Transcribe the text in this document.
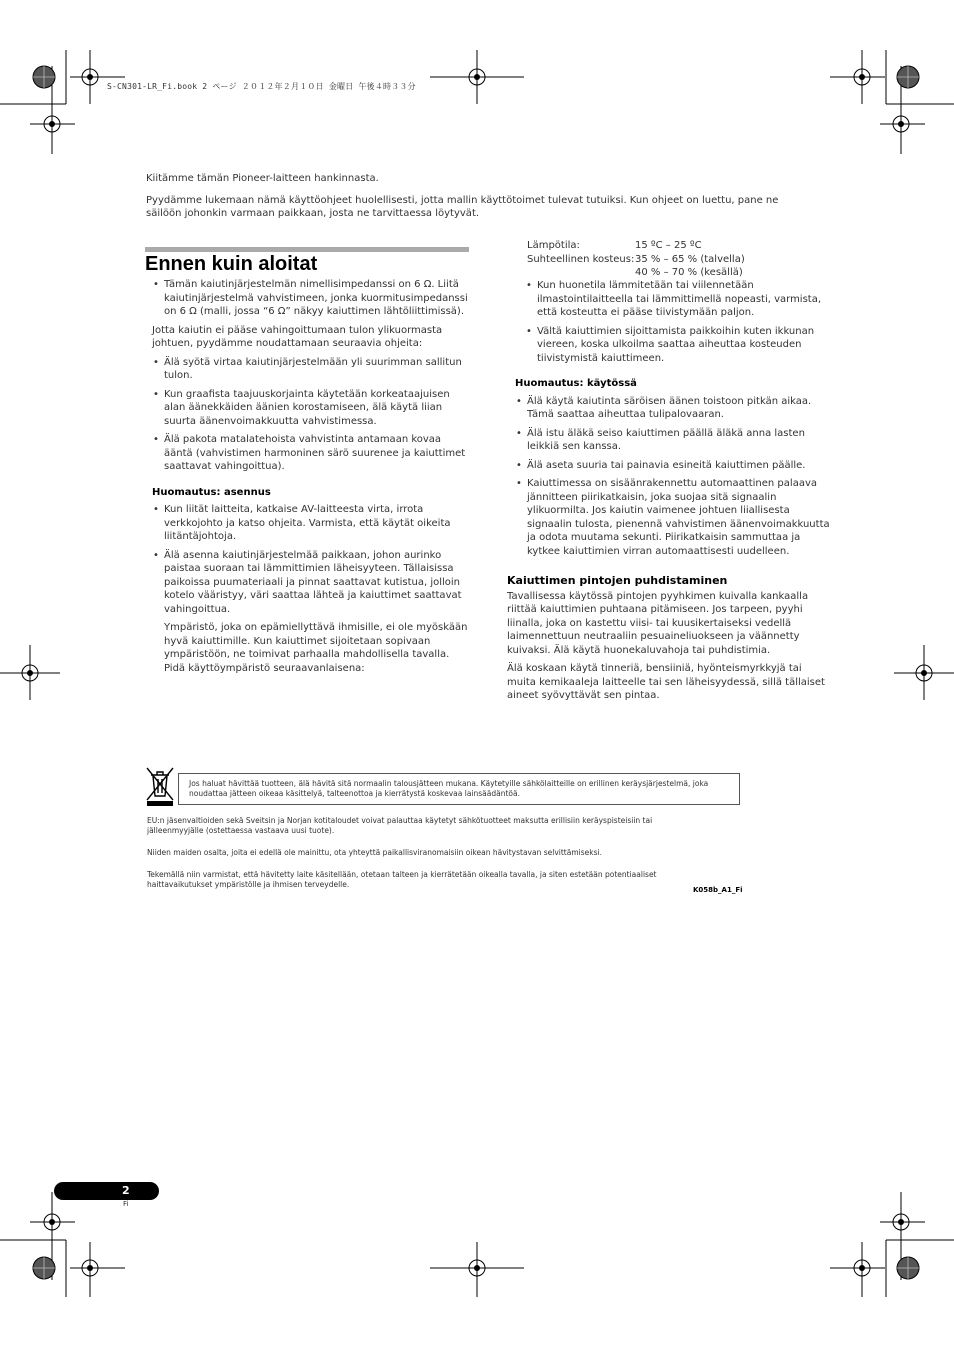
S-CN301-LR_Fi.book 2 ページ ２０１２年２月１０日 金曜日 午後４時３３分

Kiitämme tämän Pioneer-laitteen hankinnasta.

Pyydämme lukemaan nämä käyttöohjeet huolellisesti, jotta mallin käyttötoimet tulevat tutuiksi. Kun ohjeet on luettu, pane ne säilöön johonkin varmaan paikkaan, josta ne tarvittaessa löytyvät.

Ennen kuin aloitat
• Tämän kaiutinjärjestelmän nimellisimpedanssi on 6 Ω. Liitä kaiutinjärjestelmä vahvistimeen, jonka kuormitusimpedanssi on 6 Ω (malli, jossa “6 Ω” näkyy kaiuttimen lähtöliittimissä).

Jotta kaiutin ei pääse vahingoittumaan tulon ylikuormasta johtuen, pyydämme noudattamaan seuraavia ohjeita:

• Älä syötä virtaa kaiutinjärjestelmään yli suurimman sallitun tulon.
• Kun graafista taajuuskorjainta käytetään korkeataajuisen alan äänekkäiden äänien korostamiseen, älä käytä liian suurta äänenvoimakkuutta vahvistimessa.
• Älä pakota matalatehoista vahvistinta antamaan kovaa ääntä (vahvistimen harmoninen särö suurenee ja kaiuttimet saattavat vahingoittua).
Huomautus: asennus
• Kun liität laitteita, katkaise AV-laitteesta virta, irrota verkkojohto ja katso ohjeita. Varmista, että käytät oikeita liitäntäjohtoja.
• Älä asenna kaiutinjärjestelmää paikkaan, johon aurinko paistaa suoraan tai lämmittimien läheisyyteen. Tällaisissa paikoissa puumateriaali ja pinnat saattavat kutistua, jolloin kotelo vääristyy, väri saattaa lähteä ja kaiuttimet saattavat vahingoittua.

Ympäristö, joka on epämiellyttävä ihmisille, ei ole myöskään hyvä kaiuttimille. Kun kaiuttimet sijoitetaan sopivaan ympäristöön, ne toimivat parhaalla mahdollisella tavalla. Pidä käyttöympäristö seuraavanlaisena:

Lämpötila:	15 ºC – 25 ºC
Suhteellinen kosteus: 35 % – 65 % (talvella)
40 % – 70 % (kesällä)
• Kun huonetila lämmitetään tai viilennetään ilmastointilaitteella tai lämmittimellä nopeasti, varmista, että kosteutta ei pääse tiivistymään paljon.
• Vältä kaiuttimien sijoittamista paikkoihin kuten ikkunan viereen, koska ulkoilma saattaa aiheuttaa kosteuden tiivistymistä kaiuttimeen.
Huomautus: käytössä
• Älä käytä kaiutinta säröisen äänen toistoon pitkän aikaa. Tämä saattaa aiheuttaa tulipalovaaran.
• Älä istu äläkä seiso kaiuttimen päällä äläkä anna lasten leikkiä sen kanssa.
• Älä aseta suuria tai painavia esineitä kaiuttimen päälle.
• Kaiuttimessa on sisäänrakennettu automaattinen palaava jännitteen piirikatkaisin, joka suojaa sitä signaalin ylikuormilta. Jos kaiutin vaimenee johtuen liiallisesta signaalin tulosta, pienennä vahvistimen äänenvoimakkuutta ja odota muutama sekunti. Piirikatkaisin sammuttaa ja kytkee kaiuttimien virran automaattisesti uudelleen.
Kaiuttimen pintojen puhdistaminen

Tavallisessa käytössä pintojen pyyhkimen kuivalla kankaalla riittää kaiuttimien puhtaana pitämiseen. Jos tarpeen, pyyhi liinalla, joka on kastettu viisi- tai kuusikertaiseksi vedellä laimennettuun neutraaliin pesuaineliuokseen ja väännetty kuivaksi. Älä käytä huonekaluvahoja tai puhdistimia.

Älä koskaan käytä tinneriä, bensiiniä, hyönteismyrkkyjä tai muita kemikaaleja laitteelle tai sen läheisyydessä, sillä tällaiset aineet syövyttävät sen pintaa.

Jos haluat hävittää tuotteen, älä hävitä sitä normaalin talousjätteen mukana. Käytetyille sähkölaitteille on erillinen keräysjärjestelmä, joka noudattaa jätteen oikeaa käsittelyä, talteenottoa ja kierrätystä koskevaa lainsäädäntöä.

EU:n jäsenvaltioiden sekä Sveitsin ja Norjan kotitaloudet voivat palauttaa käytetyt sähkötuotteet maksutta erillisiin keräyspisteisiin tai jälleenmyyjälle (ostettaessa vastaava uusi tuote).

Niiden maiden osalta, joita ei edellä ole mainittu, ota yhteyttä paikallisviranomaisiin oikean hävitystavan selvittämiseksi.

Tekemällä niin varmistat, että hävitetty laite käsitellään, otetaan talteen ja kierrätetään oikealla tavalla, ja siten estetään potentiaaliset haittavaikutukset ympäristölle ja ihmisen terveydelle.

K058b_A1_Fi
2
Fi
